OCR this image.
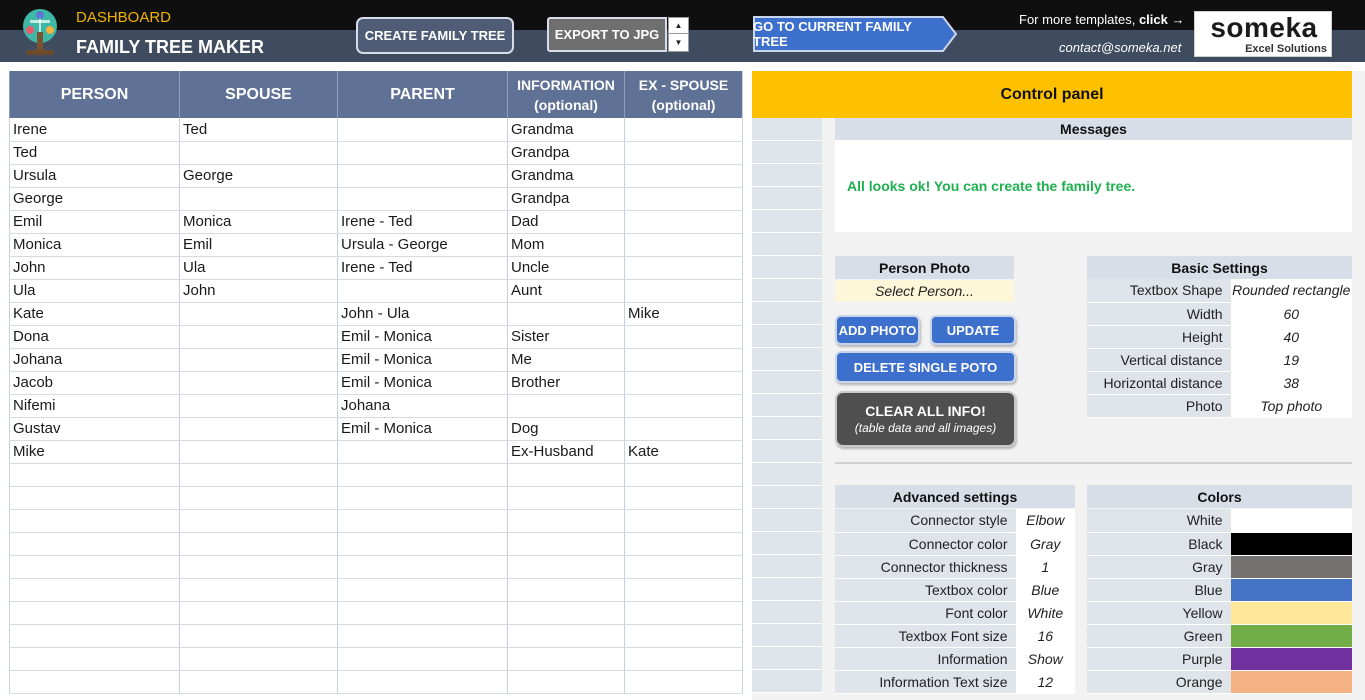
DASHBOARD
FAMILY TREE MAKER
CREATE FAMILY TREE	EXPORT TO JPG
▲
▼
GO TO CURRENT FAMILY TREE
For more templates, click →
contact@someka.net
someka
Excel Solutions
PERSON	SPOUSE	PARENT	INFORMATION
(optional)	EX - SPOUSE
(optional)
Irene	Ted		Grandma	
Ted			Grandpa	
Ursula	George		Grandma	
George			Grandpa	
Emil	Monica	Irene - Ted	Dad	
Monica	Emil	Ursula - George	Mom	
John	Ula	Irene - Ted	Uncle	
Ula	John		Aunt	
Kate		John - Ula		Mike
Dona		Emil - Monica	Sister	
Johana		Emil - Monica	Me	
Jacob		Emil - Monica	Brother	
Nifemi		Johana		
Gustav		Emil - Monica	Dog	
Mike			Ex-Husband	Kate

Control panel
Messages
All looks ok! You can create the family tree.
Person Photo
Select Person...
ADD PHOTO	UPDATE
DELETE SINGLE POTO
CLEAR ALL INFO!
(table data and all images)
Basic Settings
Textbox Shape	Rounded rectangle
Width	60
Height	40
Vertical distance	19
Horizontal distance	38
Photo	Top photo
Advanced settings
Connector style	Elbow
Connector color	Gray
Connector thickness	1
Textbox color	Blue
Font color	White
Textbox Font size	16
Information	Show
Information Text size	12
Colors
White	
Black	
Gray	
Blue	
Yellow	
Green	
Purple	
Orange	
